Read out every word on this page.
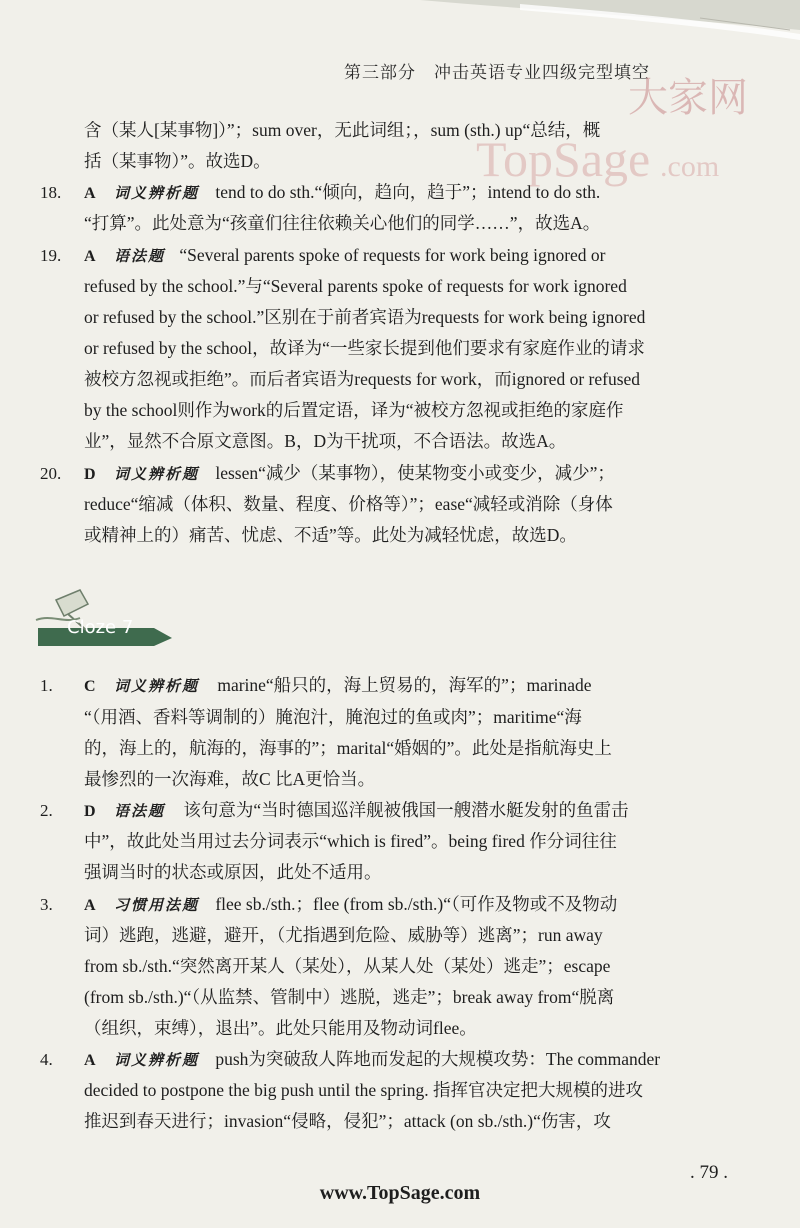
第三部分　冲击英语专业四级完型填空
大家网
TopSage .com
含（某人[某事物]）”；sum over，无此词组；，sum (sth.) up“总结，概
括（某事物）”。故选D。
18.	A 词义辨析题 tend to do sth.“倾向，趋向，趋于”；intend to do sth.
“打算”。此处意为“孩童们往往依赖关心他们的同学……”，故选A。
19.	A 语法题 “Several parents spoke of requests for work being ignored or
refused by the school.”与“Several parents spoke of requests for work ignored
or refused by the school.”区别在于前者宾语为requests for work being ignored
or refused by the school，故译为“一些家长提到他们要求有家庭作业的请求
被校方忽视或拒绝”。而后者宾语为requests for work，而ignored or refused
by the school则作为work的后置定语，译为“被校方忽视或拒绝的家庭作
业”，显然不合原文意图。B，D为干扰项，不合语法。故选A。
20.	D 词义辨析题 lessen“减少（某事物），使某物变小或变少，减少”；
reduce“缩减（体积、数量、程度、价格等）”；ease“减轻或消除（身体
或精神上的）痛苦、忧虑、不适”等。此处为减轻忧虑，故选D。
Cloze 7
1.	C 词义辨析题 marine“船只的，海上贸易的，海军的”；marinade
“（用酒、香料等调制的）腌泡汁，腌泡过的鱼或肉”；maritime“海
的，海上的，航海的，海事的”；marital“婚姻的”。此处是指航海史上
最惨烈的一次海难，故C 比A更恰当。
2.	D 语法题 该句意为“当时德国巡洋舰被俄国一艘潜水艇发射的鱼雷击
中”，故此处当用过去分词表示“which is fired”。being fired 作分词往往
强调当时的状态或原因，此处不适用。
3.	A 习惯用法题 flee sb./sth.；flee (from sb./sth.)“（可作及物或不及物动
词）逃跑，逃避，避开，（尤指遇到危险、威胁等）逃离”；run away
from sb./sth.“突然离开某人（某处），从某人处（某处）逃走”；escape
(from sb./sth.)“（从监禁、管制中）逃脱，逃走”；break away from“脱离
（组织，束缚），退出”。此处只能用及物动词flee。
4.	A 词义辨析题 push为突破敌人阵地而发起的大规模攻势：The commander
decided to postpone the big push until the spring. 指挥官决定把大规模的进攻
推迟到春天进行；invasion“侵略，侵犯”；attack (on sb./sth.)“伤害，攻
. 79 .
www.TopSage.com
